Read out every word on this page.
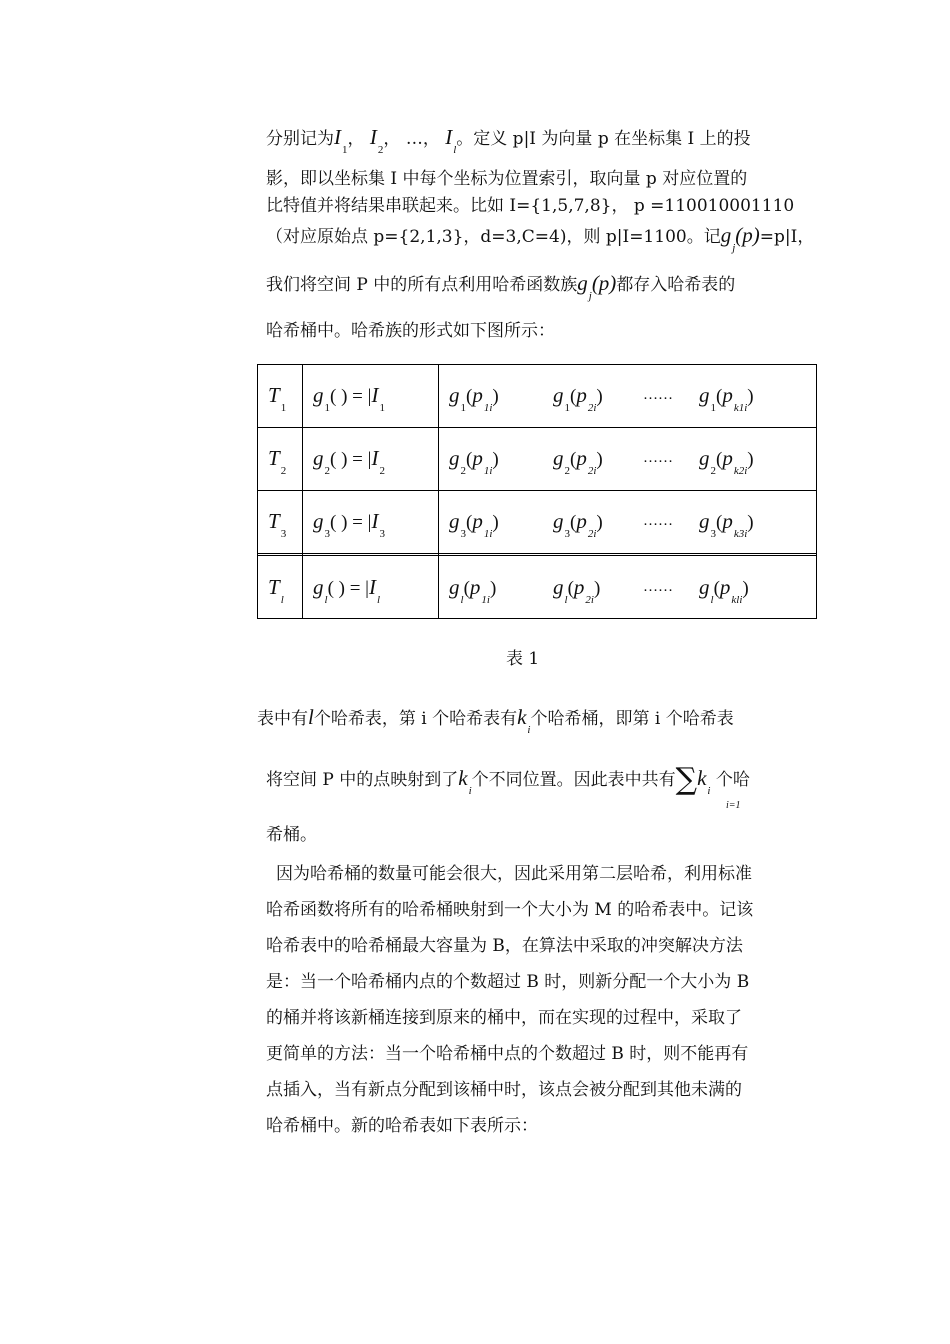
分别记为$I_1$， $I_2$， …， $I_l$。定义 p|I 为向量 p 在坐标集 I 上的投
影，即以坐标集 I 中每个坐标为位置索引，取向量 p 对应位置的
比特值并将结果串联起来。比如 I={1,5,7,8}， p =110010001110
（对应原始点 p={2,1,3}，d=3,C=4)，则 p|I=1100。记$g_j(p)=p|I$，
我们将空间 P 中的所有点利用哈希函数族$g_j(p)$都存入哈希表的
哈希桶中。哈希族的形式如下图所示：
$T_1$	$g_1$( ) = $|I_1$	$g_1(p_{1i})$ $g_1(p_{2i})$ …… $g_1(p_{k1i})$

$T_2$	$g_2$( ) = $|I_2$	$g_2(p_{1i})$ $g_2(p_{2i})$ …… $g_2(p_{k2i})$

$T_3$	$g_3$( ) = $|I_3$	$g_3(p_{1i})$ $g_3(p_{2i})$ …… $g_3(p_{k3i})$

$T_l$	$g_l$( ) = $|I_l$	$g_l(p_{1i})$ $g_l(p_{2i})$ …… $g_l(p_{kli})$
表 1
表中有l个哈希表，第 i 个哈希表有$k_i$个哈希桶，即第 i 个哈希表
将空间 P 中的点映射到了$k_i$个不同位置。因此表中共有$\sum k_i$ 个哈
i=1
希桶。
因为哈希桶的数量可能会很大，因此采用第二层哈希，利用标准
哈希函数将所有的哈希桶映射到一个大小为 M 的哈希表中。记该
哈希表中的哈希桶最大容量为 B，在算法中采取的冲突解决方法
是：当一个哈希桶内点的个数超过 B 时，则新分配一个大小为 B
的桶并将该新桶连接到原来的桶中，而在实现的过程中，采取了
更简单的方法：当一个哈希桶中点的个数超过 B 时，则不能再有
点插入，当有新点分配到该桶中时，该点会被分配到其他未满的
哈希桶中。新的哈希表如下表所示：
